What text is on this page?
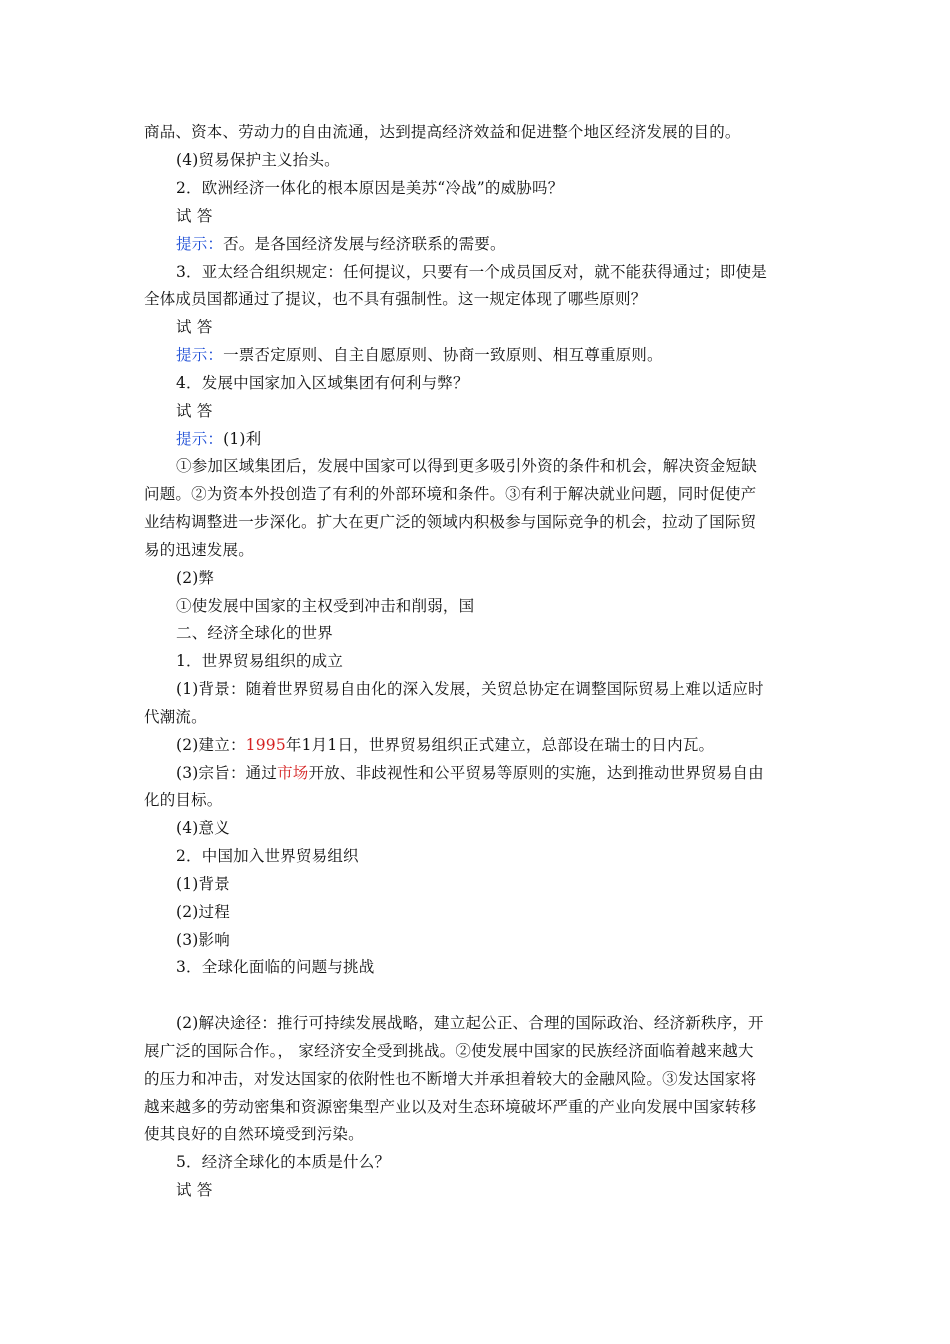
商品、资本、劳动力的自由流通，达到提高经济效益和促进整个地区经济发展的目的。
(4)贸易保护主义抬头。
2．欧洲经济一体化的根本原因是美苏“冷战”的威胁吗？
试 答
提示：否。是各国经济发展与经济联系的需要。
3．亚太经合组织规定：任何提议，只要有一个成员国反对，就不能获得通过；即使是
全体成员国都通过了提议，也不具有强制性。这一规定体现了哪些原则？
试 答
提示：一票否定原则、自主自愿原则、协商一致原则、相互尊重原则。
4．发展中国家加入区域集团有何利与弊？
试 答
提示：(1)利
①参加区域集团后，发展中国家可以得到更多吸引外资的条件和机会，解决资金短缺
问题。②为资本外投创造了有利的外部环境和条件。③有利于解决就业问题，同时促使产
业结构调整进一步深化。扩大在更广泛的领域内积极参与国际竞争的机会，拉动了国际贸
易的迅速发展。
(2)弊
①使发展中国家的主权受到冲击和削弱，国
二、经济全球化的世界
1．世界贸易组织的成立
(1)背景：随着世界贸易自由化的深入发展，关贸总协定在调整国际贸易上难以适应时
代潮流。
(2)建立：1995年1月1日，世界贸易组织正式建立，总部设在瑞士的日内瓦。
(3)宗旨：通过市场开放、非歧视性和公平贸易等原则的实施，达到推动世界贸易自由
化的目标。
(4)意义
2．中国加入世界贸易组织
(1)背景
(2)过程
(3)影响
3．全球化面临的问题与挑战
(2)解决途径：推行可持续发展战略，建立起公正、合理的国际政治、经济新秩序，开
展广泛的国际合作。， 家经济安全受到挑战。②使发展中国家的民族经济面临着越来越大
的压力和冲击，对发达国家的依附性也不断增大并承担着较大的金融风险。③发达国家将
越来越多的劳动密集和资源密集型产业以及对生态环境破坏严重的产业向发展中国家转移
使其良好的自然环境受到污染。
5．经济全球化的本质是什么？
试 答
